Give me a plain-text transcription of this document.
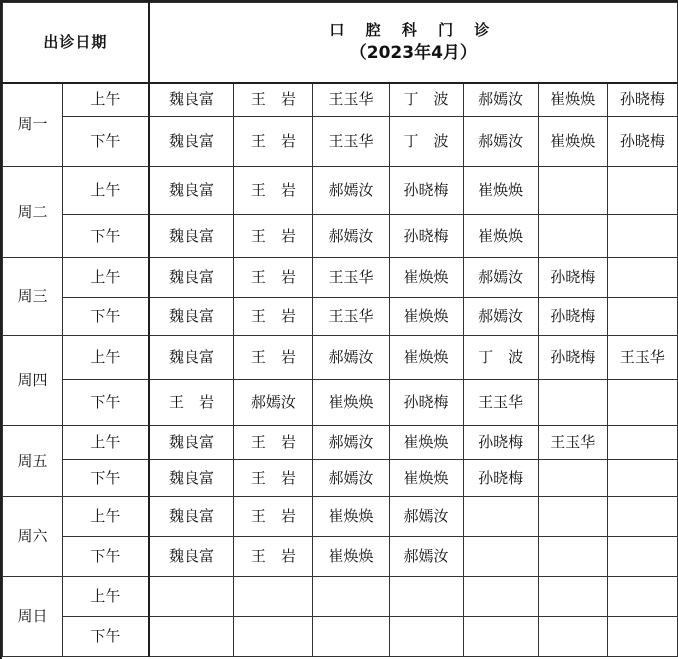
出诊日期		口 腔 科 门 诊
（2023年4月）						

周一	上午	魏良富	王　岩	王玉华	丁　波	郝嫣汝	崔焕焕	孙晓梅
	下午	魏良富	王　岩	王玉华	丁　波	郝嫣汝	崔焕焕	孙晓梅
周二	上午	魏良富	王　岩	郝嫣汝	孙晓梅	崔焕焕		
	下午	魏良富	王　岩	郝嫣汝	孙晓梅	崔焕焕		
周三	上午	魏良富	王　岩	王玉华	崔焕焕	郝嫣汝	孙晓梅	
	下午	魏良富	王　岩	王玉华	崔焕焕	郝嫣汝	孙晓梅	
周四	上午	魏良富	王　岩	郝嫣汝	崔焕焕	丁　波	孙晓梅	王玉华
	下午	王　岩	郝嫣汝	崔焕焕	孙晓梅	王玉华		
周五	上午	魏良富	王　岩	郝嫣汝	崔焕焕	孙晓梅	王玉华	
	下午	魏良富	王　岩	郝嫣汝	崔焕焕	孙晓梅		
周六	上午	魏良富	王　岩	崔焕焕	郝嫣汝			
	下午	魏良富	王　岩	崔焕焕	郝嫣汝			
周日	上午							
	下午							
